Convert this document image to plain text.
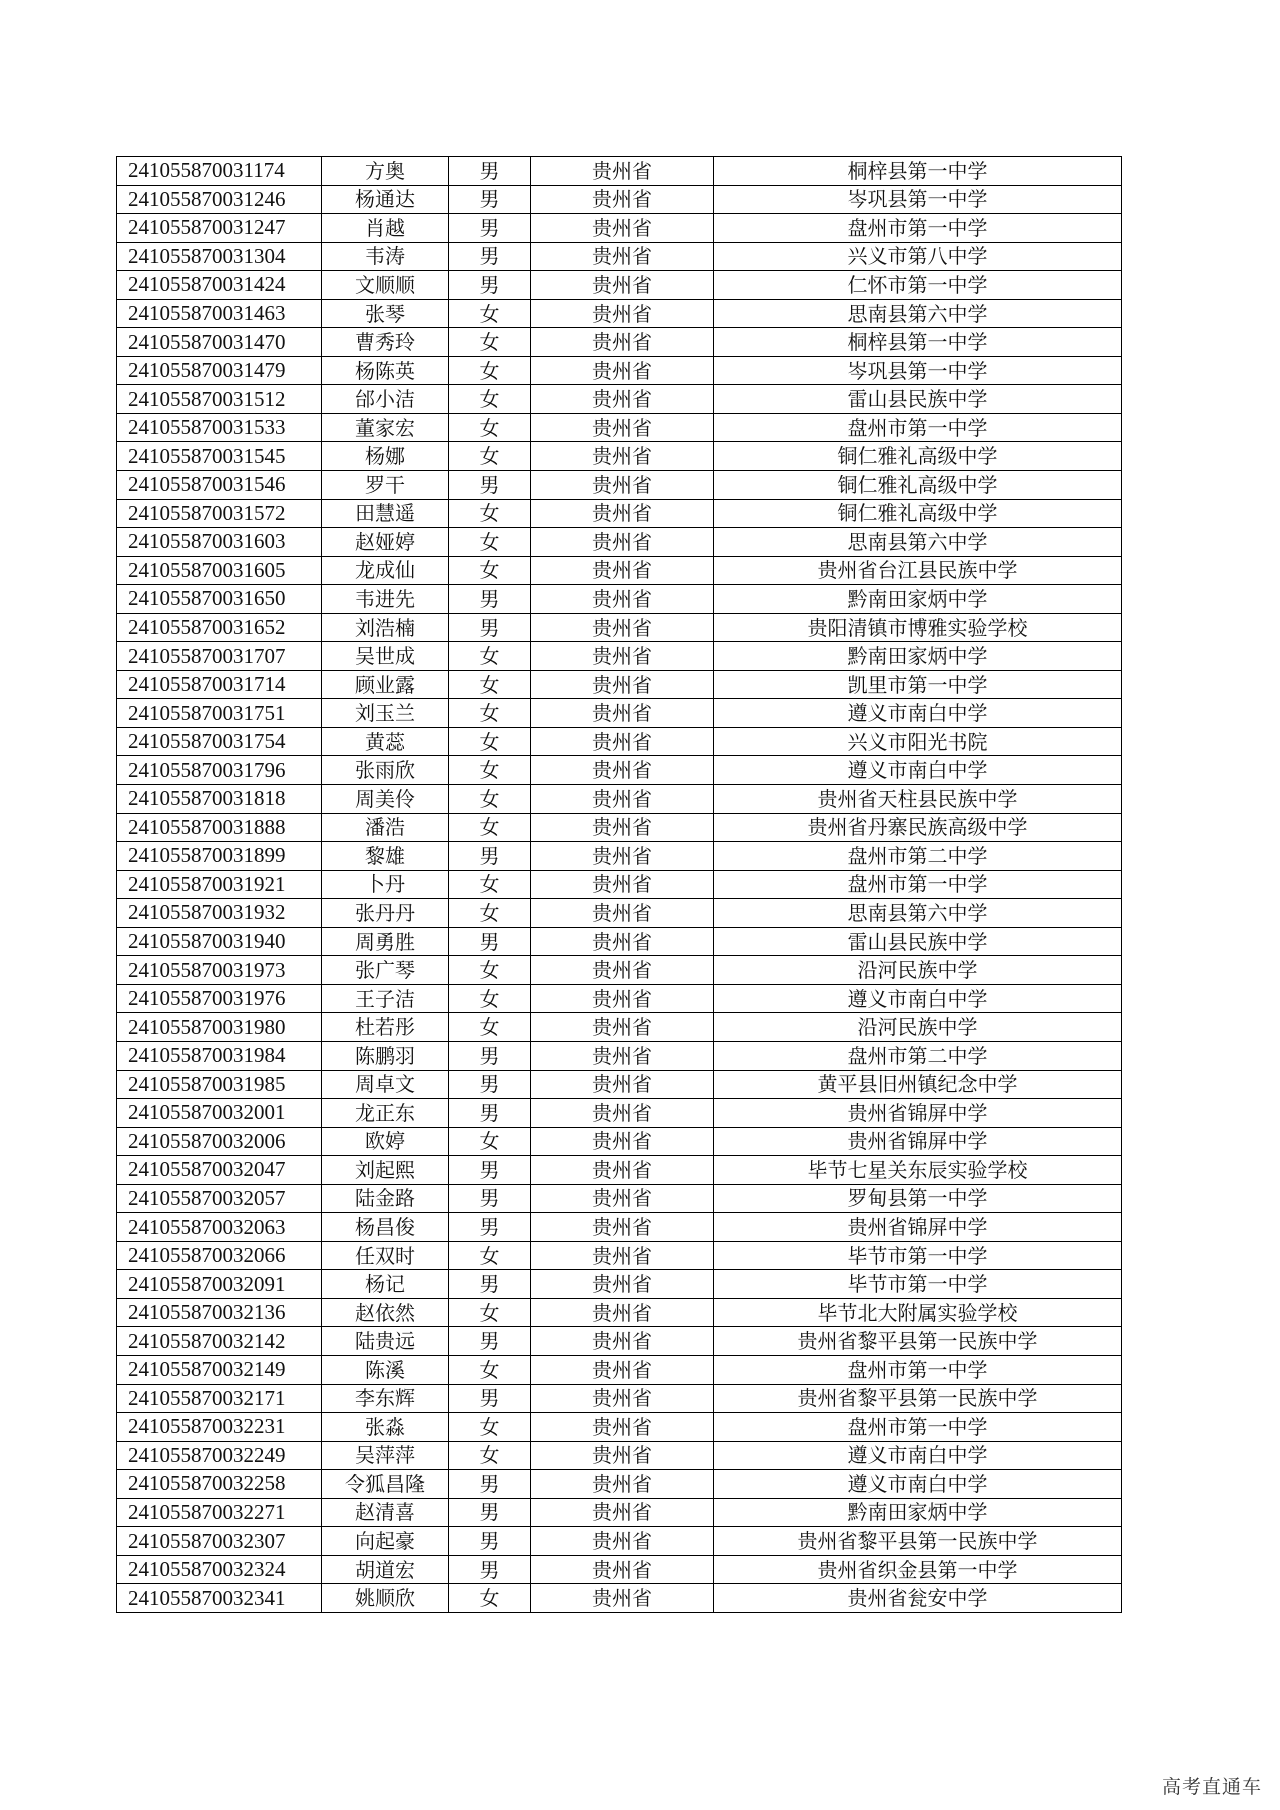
241055870031174	方奥	男	贵州省	桐梓县第一中学
241055870031246	杨通达	男	贵州省	岑巩县第一中学
241055870031247	肖越	男	贵州省	盘州市第一中学
241055870031304	韦涛	男	贵州省	兴义市第八中学
241055870031424	文顺顺	男	贵州省	仁怀市第一中学
241055870031463	张琴	女	贵州省	思南县第六中学
241055870031470	曹秀玲	女	贵州省	桐梓县第一中学
241055870031479	杨陈英	女	贵州省	岑巩县第一中学
241055870031512	邰小洁	女	贵州省	雷山县民族中学
241055870031533	董家宏	女	贵州省	盘州市第一中学
241055870031545	杨娜	女	贵州省	铜仁雅礼高级中学
241055870031546	罗干	男	贵州省	铜仁雅礼高级中学
241055870031572	田慧遥	女	贵州省	铜仁雅礼高级中学
241055870031603	赵娅婷	女	贵州省	思南县第六中学
241055870031605	龙成仙	女	贵州省	贵州省台江县民族中学
241055870031650	韦进先	男	贵州省	黔南田家炳中学
241055870031652	刘浩楠	男	贵州省	贵阳清镇市博雅实验学校
241055870031707	吴世成	女	贵州省	黔南田家炳中学
241055870031714	顾业露	女	贵州省	凯里市第一中学
241055870031751	刘玉兰	女	贵州省	遵义市南白中学
241055870031754	黄蕊	女	贵州省	兴义市阳光书院
241055870031796	张雨欣	女	贵州省	遵义市南白中学
241055870031818	周美伶	女	贵州省	贵州省天柱县民族中学
241055870031888	潘浩	女	贵州省	贵州省丹寨民族高级中学
241055870031899	黎雄	男	贵州省	盘州市第二中学
241055870031921	卜丹	女	贵州省	盘州市第一中学
241055870031932	张丹丹	女	贵州省	思南县第六中学
241055870031940	周勇胜	男	贵州省	雷山县民族中学
241055870031973	张广琴	女	贵州省	沿河民族中学
241055870031976	王子洁	女	贵州省	遵义市南白中学
241055870031980	杜若彤	女	贵州省	沿河民族中学
241055870031984	陈鹏羽	男	贵州省	盘州市第二中学
241055870031985	周卓文	男	贵州省	黄平县旧州镇纪念中学
241055870032001	龙正东	男	贵州省	贵州省锦屏中学
241055870032006	欧婷	女	贵州省	贵州省锦屏中学
241055870032047	刘起熙	男	贵州省	毕节七星关东辰实验学校
241055870032057	陆金路	男	贵州省	罗甸县第一中学
241055870032063	杨昌俊	男	贵州省	贵州省锦屏中学
241055870032066	任双时	女	贵州省	毕节市第一中学
241055870032091	杨记	男	贵州省	毕节市第一中学
241055870032136	赵依然	女	贵州省	毕节北大附属实验学校
241055870032142	陆贵远	男	贵州省	贵州省黎平县第一民族中学
241055870032149	陈溪	女	贵州省	盘州市第一中学
241055870032171	李东辉	男	贵州省	贵州省黎平县第一民族中学
241055870032231	张淼	女	贵州省	盘州市第一中学
241055870032249	吴萍萍	女	贵州省	遵义市南白中学
241055870032258	令狐昌隆	男	贵州省	遵义市南白中学
241055870032271	赵清喜	男	贵州省	黔南田家炳中学
241055870032307	向起豪	男	贵州省	贵州省黎平县第一民族中学
241055870032324	胡道宏	男	贵州省	贵州省织金县第一中学
241055870032341	姚顺欣	女	贵州省	贵州省瓮安中学
高考直通车
